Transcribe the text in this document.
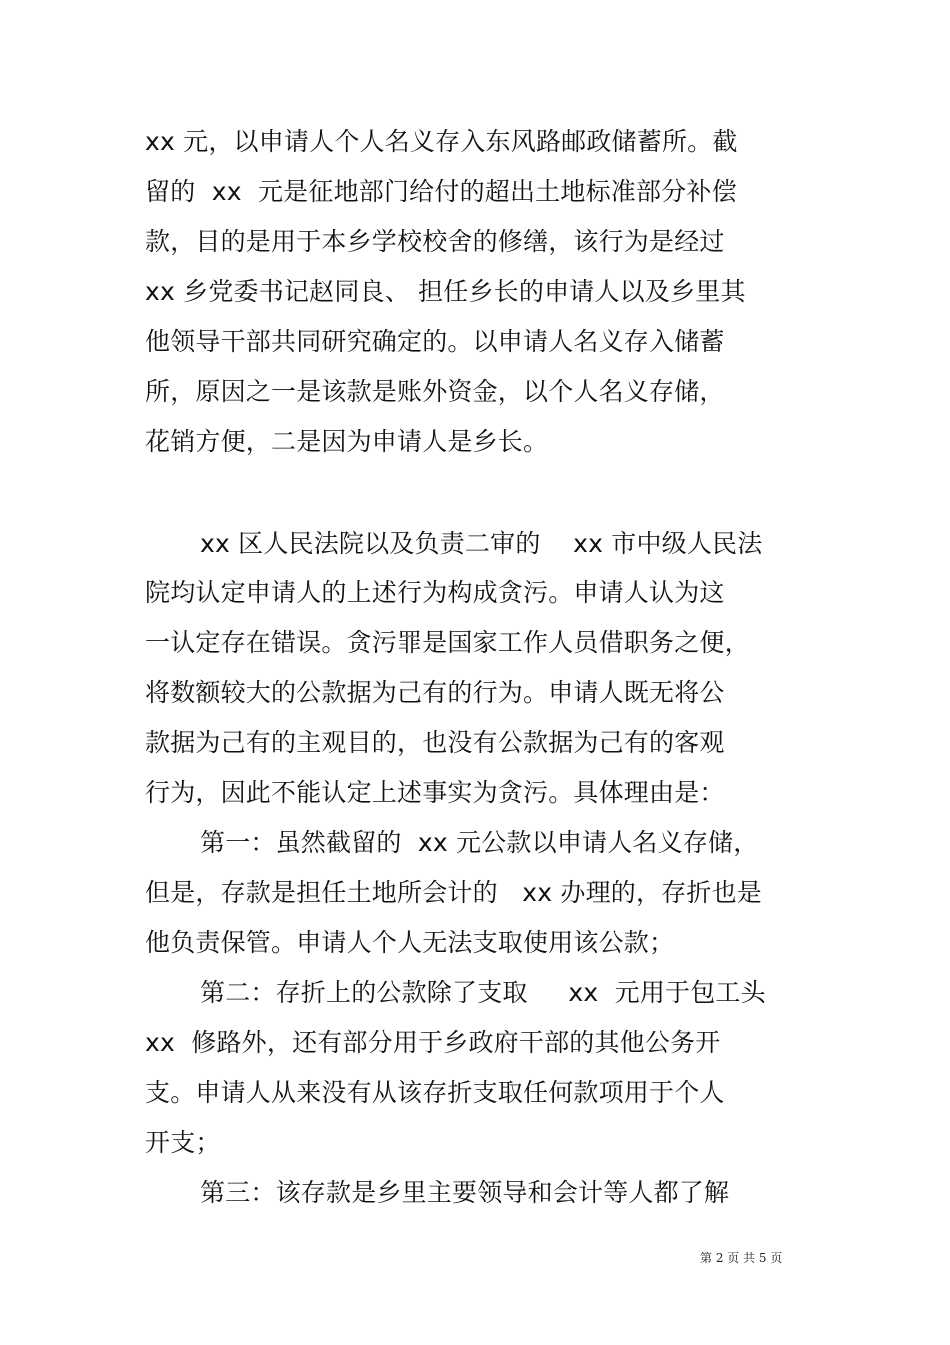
xx 元，以申请人个人名义存入东风路邮政储蓄所。截
留的  xx  元是征地部门给付的超出土地标准部分补偿
款，目的是用于本乡学校校舍的修缮，该行为是经过
xx 乡党委书记赵同良、 担任乡长的申请人以及乡里其
他领导干部共同研究确定的。以申请人名义存入储蓄
所，原因之一是该款是账外资金，以个人名义存储，
花销方便，二是因为申请人是乡长。
xx 区人民法院以及负责二审的    xx 市中级人民法
院均认定申请人的上述行为构成贪污。申请人认为这
一认定存在错误。贪污罪是国家工作人员借职务之便，
将数额较大的公款据为己有的行为。申请人既无将公
款据为己有的主观目的，也没有公款据为己有的客观
行为，因此不能认定上述事实为贪污。具体理由是：
第一：虽然截留的  xx 元公款以申请人名义存储，
但是，存款是担任土地所会计的   xx 办理的，存折也是
他负责保管。申请人个人无法支取使用该公款；
第二：存折上的公款除了支取     xx  元用于包工头
xx  修路外，还有部分用于乡政府干部的其他公务开
支。申请人从来没有从该存折支取任何款项用于个人
开支；
第三：该存款是乡里主要领导和会计等人都了解
第 2 页 共 5 页
